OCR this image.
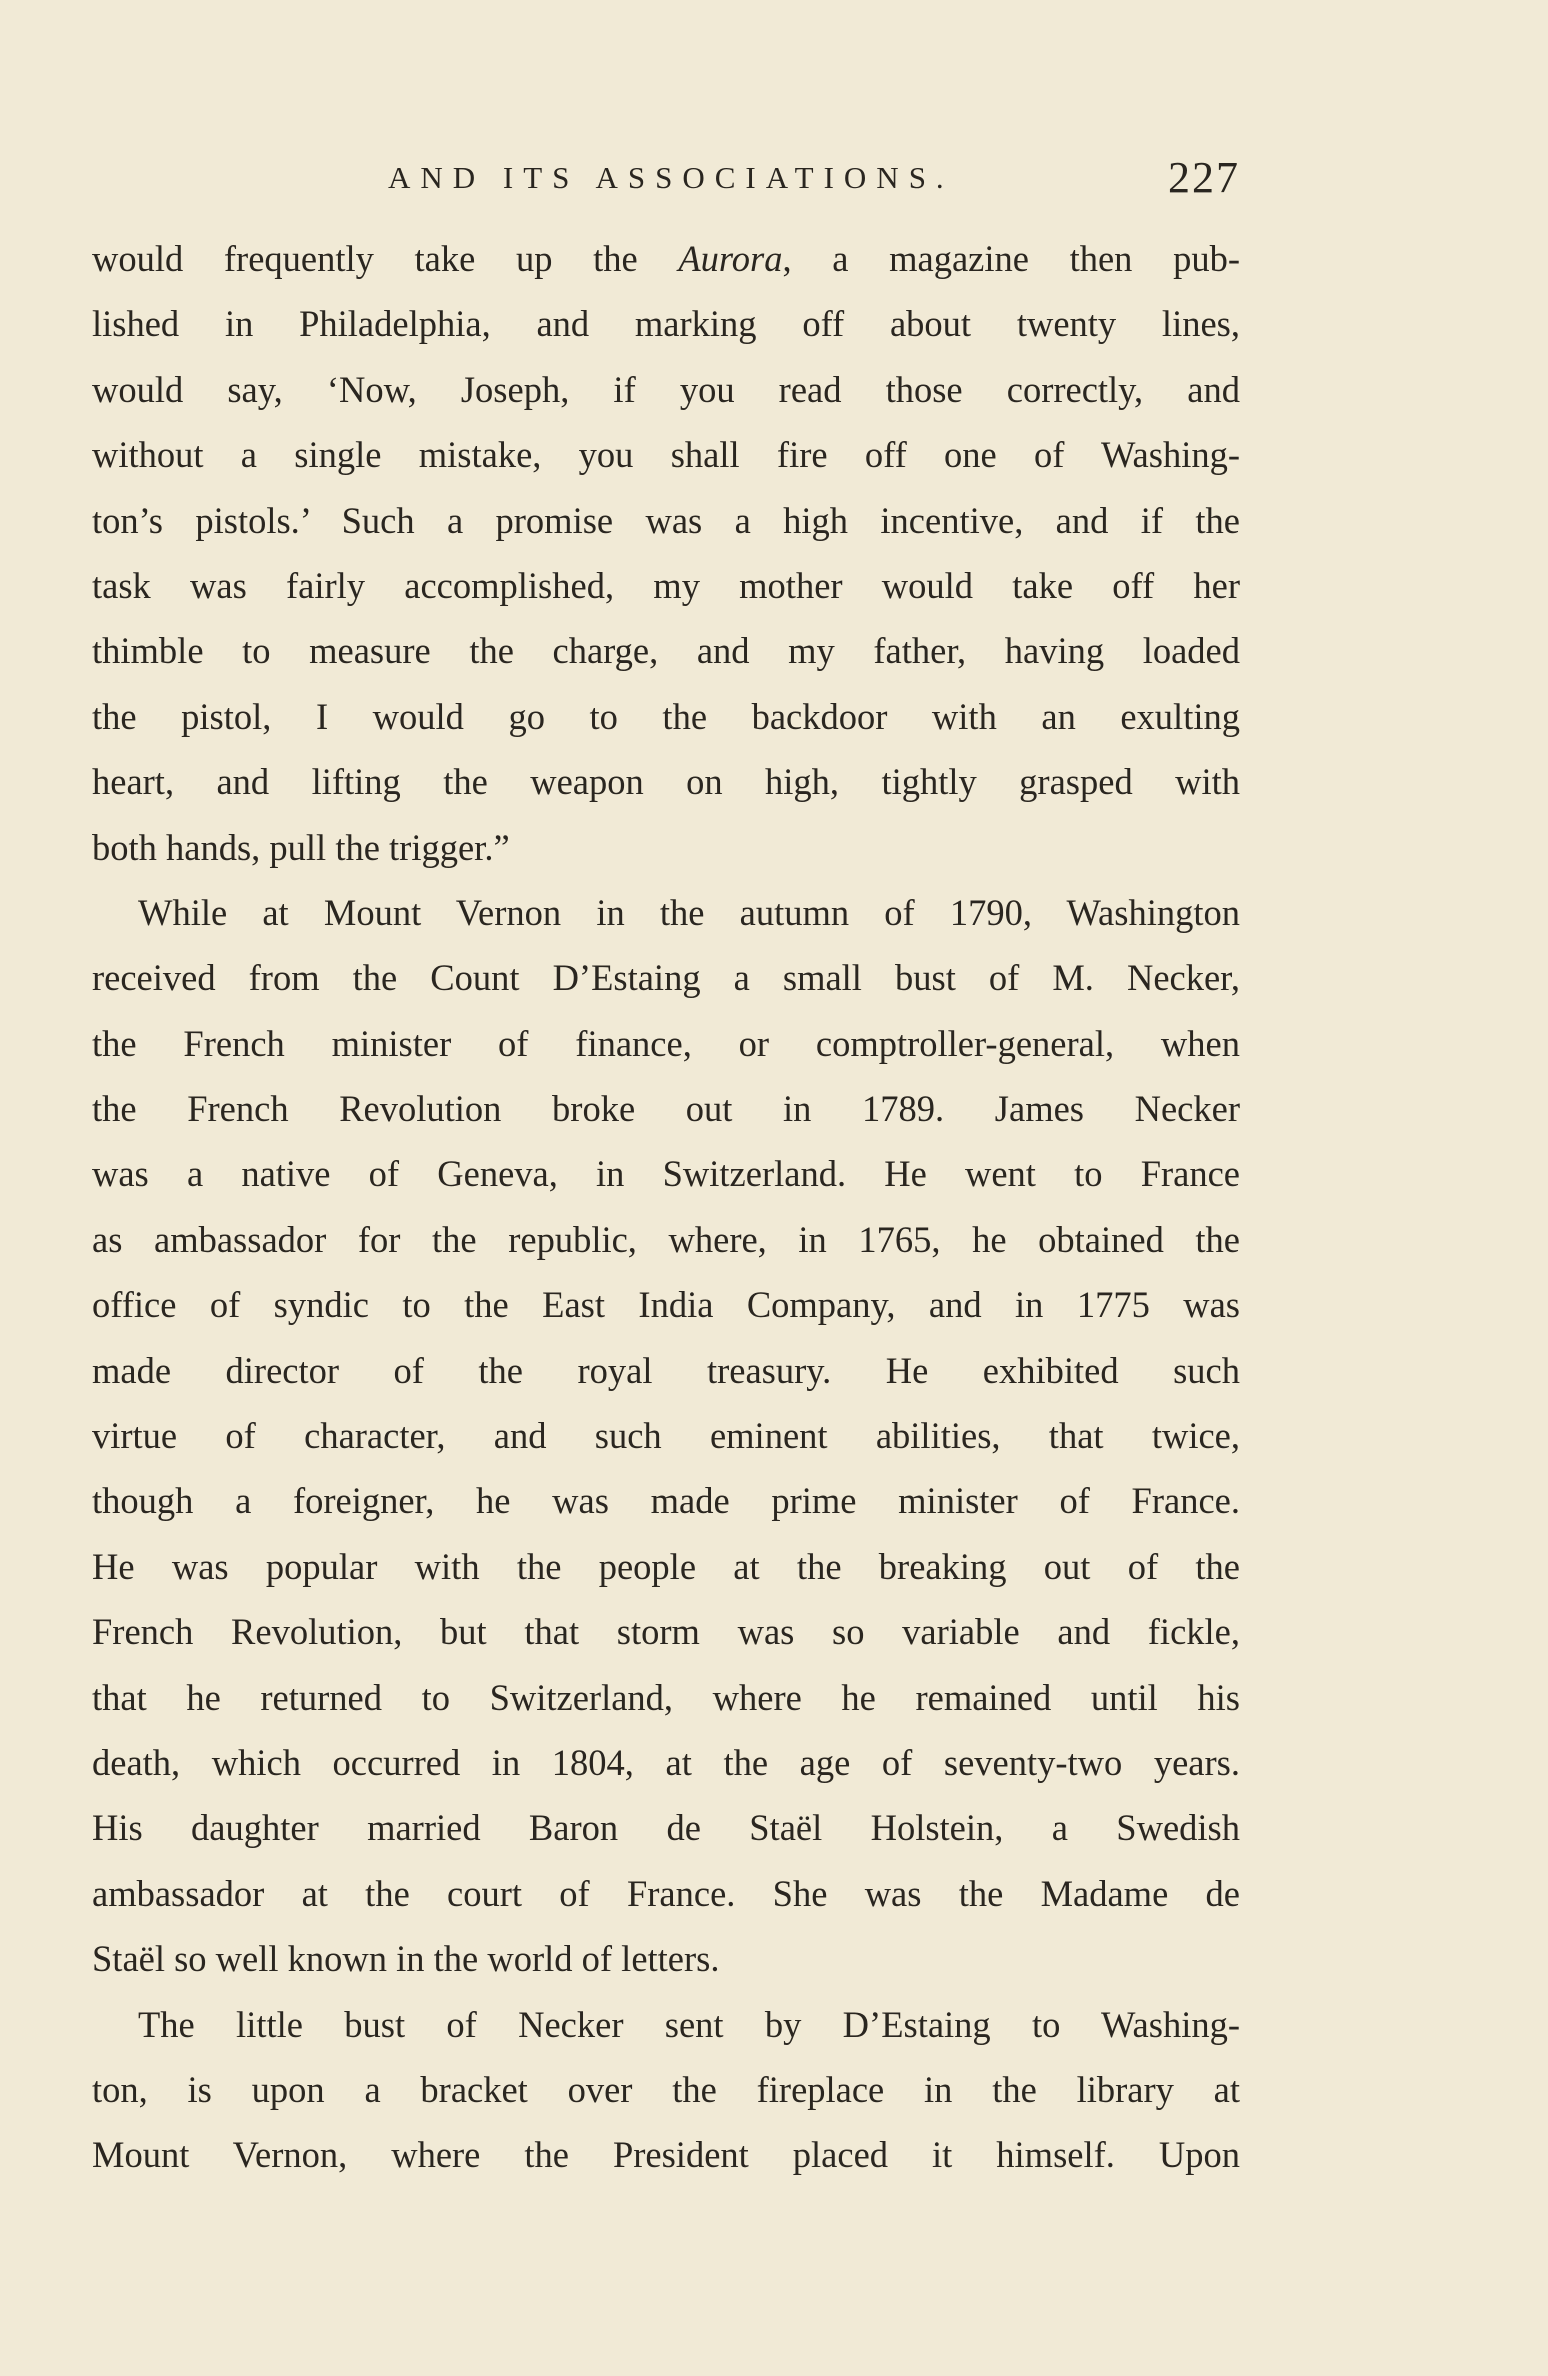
AND ITS ASSOCIATIONS.	227
would frequently take up the Aurora, a magazine then pub-
lished in Philadelphia, and marking off about twenty lines,
would say, ‘Now, Joseph, if you read those correctly, and
without a single mistake, you shall fire off one of Washing-
ton’s pistols.’ Such a promise was a high incentive, and if the
task was fairly accomplished, my mother would take off her
thimble to measure the charge, and my father, having loaded
the pistol, I would go to the backdoor with an exulting
heart, and lifting the weapon on high, tightly grasped with
both hands, pull the trigger.”
While at Mount Vernon in the autumn of 1790, Washington
received from the Count D’Estaing a small bust of M. Necker,
the French minister of finance, or comptroller-general, when
the French Revolution broke out in 1789. James Necker
was a native of Geneva, in Switzerland. He went to France
as ambassador for the republic, where, in 1765, he obtained the
office of syndic to the East India Company, and in 1775 was
made director of the royal treasury. He exhibited such
virtue of character, and such eminent abilities, that twice,
though a foreigner, he was made prime minister of France.
He was popular with the people at the breaking out of the
French Revolution, but that storm was so variable and fickle,
that he returned to Switzerland, where he remained until his
death, which occurred in 1804, at the age of seventy-two years.
His daughter married Baron de Staël Holstein, a Swedish
ambassador at the court of France. She was the Madame de
Staël so well known in the world of letters.
The little bust of Necker sent by D’Estaing to Washing-
ton, is upon a bracket over the fireplace in the library at
Mount Vernon, where the President placed it himself. Upon
